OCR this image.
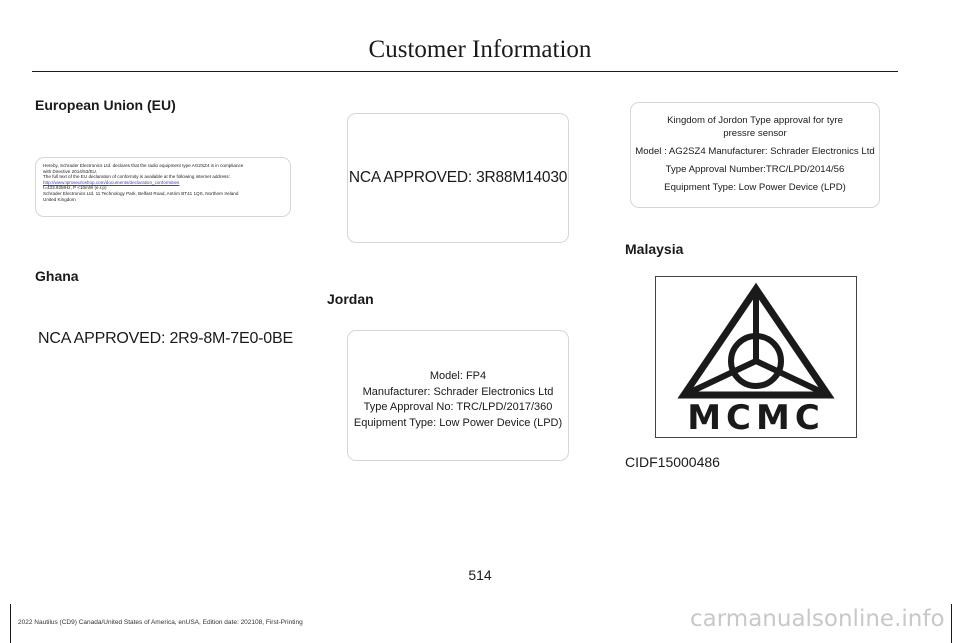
Customer Information
European Union (EU)
Hereby, Schrader Electronics Ltd. declares that the radio equipment type AG2SZ4 is in compliance
with Directive 2014/53/EU.
The full text of the EU declaration of conformity is available at the following internet address:
http://www.tpmseuroshop.com/documents/declaration_conformities
f=433.92MHz, P <10mW (e.r.p)
Schrader Electronics Ltd. 11 Technology Park, Belfast Road, Antrim BT41 1QS, Northern Ireland
United Kingdom
NCA APPROVED: 3R88M14030
Ghana
NCA APPROVED: 2R9-8M-7E0-0BE
Jordan
Model: FP4
Manufacturer: Schrader Electronics Ltd
Type Approval No: TRC/LPD/2017/360
Equipment Type: Low Power Device (LPD)
Kingdom of Jordon Type approval for tyre
pressre sensor
Model : AG2SZ4 Manufacturer: Schrader Electronics Ltd
Type Approval Number:TRC/LPD/2014/56
Equipment Type: Low Power Device (LPD)
Malaysia
MCMC
CIDF15000486
514
2022 Nautilus (CD9) Canada/United States of America, enUSA, Edition date: 202108, First-Printing	carmanualsonline.info
